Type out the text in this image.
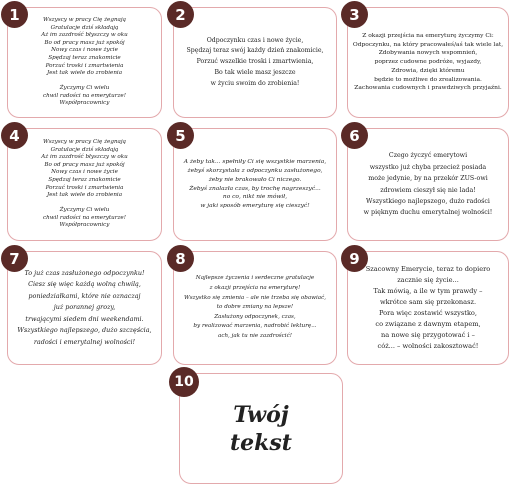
1	Wszyscy w pracy Cię żegnają
Gratulacje dziś składają
Aż im zazdrość błyszczy w oku
Bo od pracy masz już spokój
Nowy czas i nowe życie
Spędzaj teraz znakomicie
Porzuć troski i zmartwienia
Jest tak wiele do zrobienia

Życzymy Ci wielu
chwil radości na emeryturze!
Współpracownicy
2
Odpoczynku czas i nowe życie,
Spędzaj teraz swój każdy dzień znakomicie,
Porzuć wszelkie troski i zmartwienia,
Bo tak wiele masz jeszcze
w życiu swoim do zrobienia!
3
Z okazji przejścia na emeryturę życzymy Ci:
Odpoczynku, na który pracowałeś/aś tak wiele lat,
Zdobywania nowych wspomnień,
poprzez cudowne podróże, wyjazdy,
Zdrowia, dzięki któremu
będzie to możliwe do zrealizowania.
Zachowania cudownych i prawdziwych przyjaźni.
4	Wszyscy w pracy Cię żegnają
Gratulacje dziś składają
Aż im zazdrość błyszczy w oku
Bo od pracy masz już spokój
Nowy czas i nowe życie
Spędzaj teraz znakomicie
Porzuć troski i zmartwienia
Jest tak wiele do zrobienia

Życzymy Ci wielu
chwil radości na emeryturze!
Współpracownicy
5
A żeby tak... spełniły Ci się wszystkie marzenia,
żebyś skorzystała z odpoczynku zasłużonego,
żeby nie brakowało Ci niczego.
Żebyś znalazła czas, by trochę nagrzeszyć...
no co, nikt nie mówił,
w jaki sposób emeryturę się cieszyć!
6
Czego życzyć emerytowi
wszystko już chyba przecież posiada
może jedynie, by na przekór ZUS-owi
zdrowiem cieszył się nie lada!
Wszystkiego najlepszego, dużo radości
w pięknym duchu emerytalnej wolności!
7
To już czas zasłużonego odpoczynku!
Ciesz się więc każdą wolną chwilą,
poniedziałkami, które nie oznaczaj
już porannej grozy,
trwającymi siedem dni weekendami.
Wszystkiego najlepszego, dużo szczęścia,
radości i emerytalnej wolności!
8
Najlepsze życzenia i serdeczne gratulacje
z okazji przejścia na emeryturę!
Wszystko się zmienia – ale nie trzeba się obawiać,
to dobre zmiany na lepsze!
Zasłużony odpoczynek, czas,
by realizować marzenia, nadrobić lekturę...
ach, jak tu nie zazdrościć!
9
Szacowny Emerycie, teraz to dopiero
zacznie się życie...
Tak mówią, a ile w tym prawdy –
wkrótce sam się przekonasz.
Pora więc zostawić wszystko,
co związane z dawnym etapem,
na nowe się przygotować i –
cóż... – wolności zakosztować!
10
Twój
tekst
